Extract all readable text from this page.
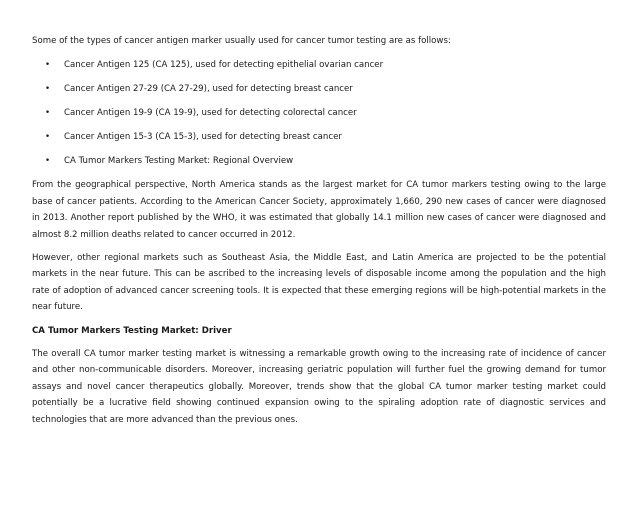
Some of the types of cancer antigen marker usually used for cancer tumor testing are as follows:

• Cancer Antigen 125 (CA 125), used for detecting epithelial ovarian cancer
• Cancer Antigen 27-29 (CA 27-29), used for detecting breast cancer
• Cancer Antigen 19-9 (CA 19-9), used for detecting colorectal cancer
• Cancer Antigen 15-3 (CA 15-3), used for detecting breast cancer
• CA Tumor Markers Testing Market: Regional Overview

From the geographical perspective, North America stands as the largest market for CA tumor markers testing owing to the large base of cancer patients. According to the American Cancer Society, approximately 1,660, 290 new cases of cancer were diagnosed in 2013. Another report published by the WHO, it was estimated that globally 14.1 million new cases of cancer were diagnosed and almost 8.2 million deaths related to cancer occurred in 2012.

However, other regional markets such as Southeast Asia, the Middle East, and Latin America are projected to be the potential markets in the near future. This can be ascribed to the increasing levels of disposable income among the population and the high rate of adoption of advanced cancer screening tools. It is expected that these emerging regions will be high-potential markets in the near future.

CA Tumor Markers Testing Market: Driver

The overall CA tumor marker testing market is witnessing a remarkable growth owing to the increasing rate of incidence of cancer and other non-communicable disorders. Moreover, increasing geriatric population will further fuel the growing demand for tumor assays and novel cancer therapeutics globally. Moreover, trends show that the global CA tumor marker testing market could potentially be a lucrative field showing continued expansion owing to the spiraling adoption rate of diagnostic services and technologies that are more advanced than the previous ones.
